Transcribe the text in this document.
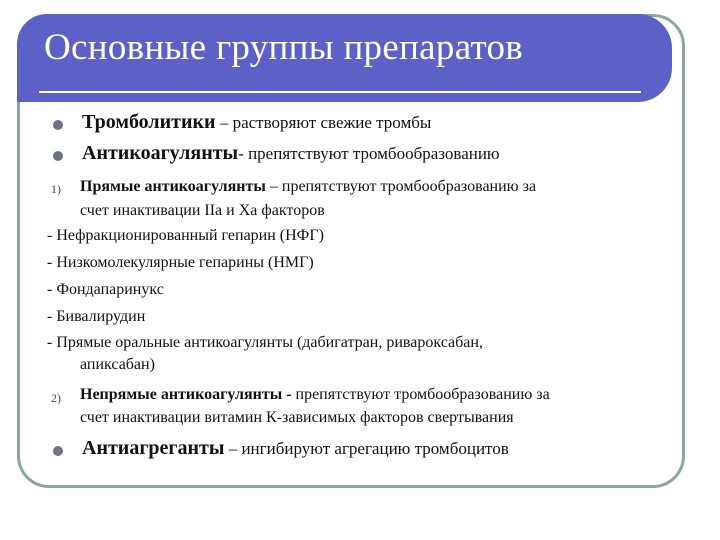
Основные группы препаратов
Тромболитики – растворяют свежие тромбы
Антикоагулянты- препятствуют тромбообразованию
1) Прямые антикоагулянты – препятствуют тромбообразованию за
счет инактивации IIa и Xa факторов
- Нефракционированный гепарин (НФГ)
- Низкомолекулярные гепарины (НМГ)
- Фондапаринукс
- Бивалирудин
- Прямые оральные антикоагулянты (дабигатран, ривароксабан,
апиксабан)
2) Непрямые антикоагулянты - препятствуют тромбообразованию за
счет инактивации витамин К-зависимых факторов свертывания
Антиагреганты – ингибируют агрегацию тромбоцитов
